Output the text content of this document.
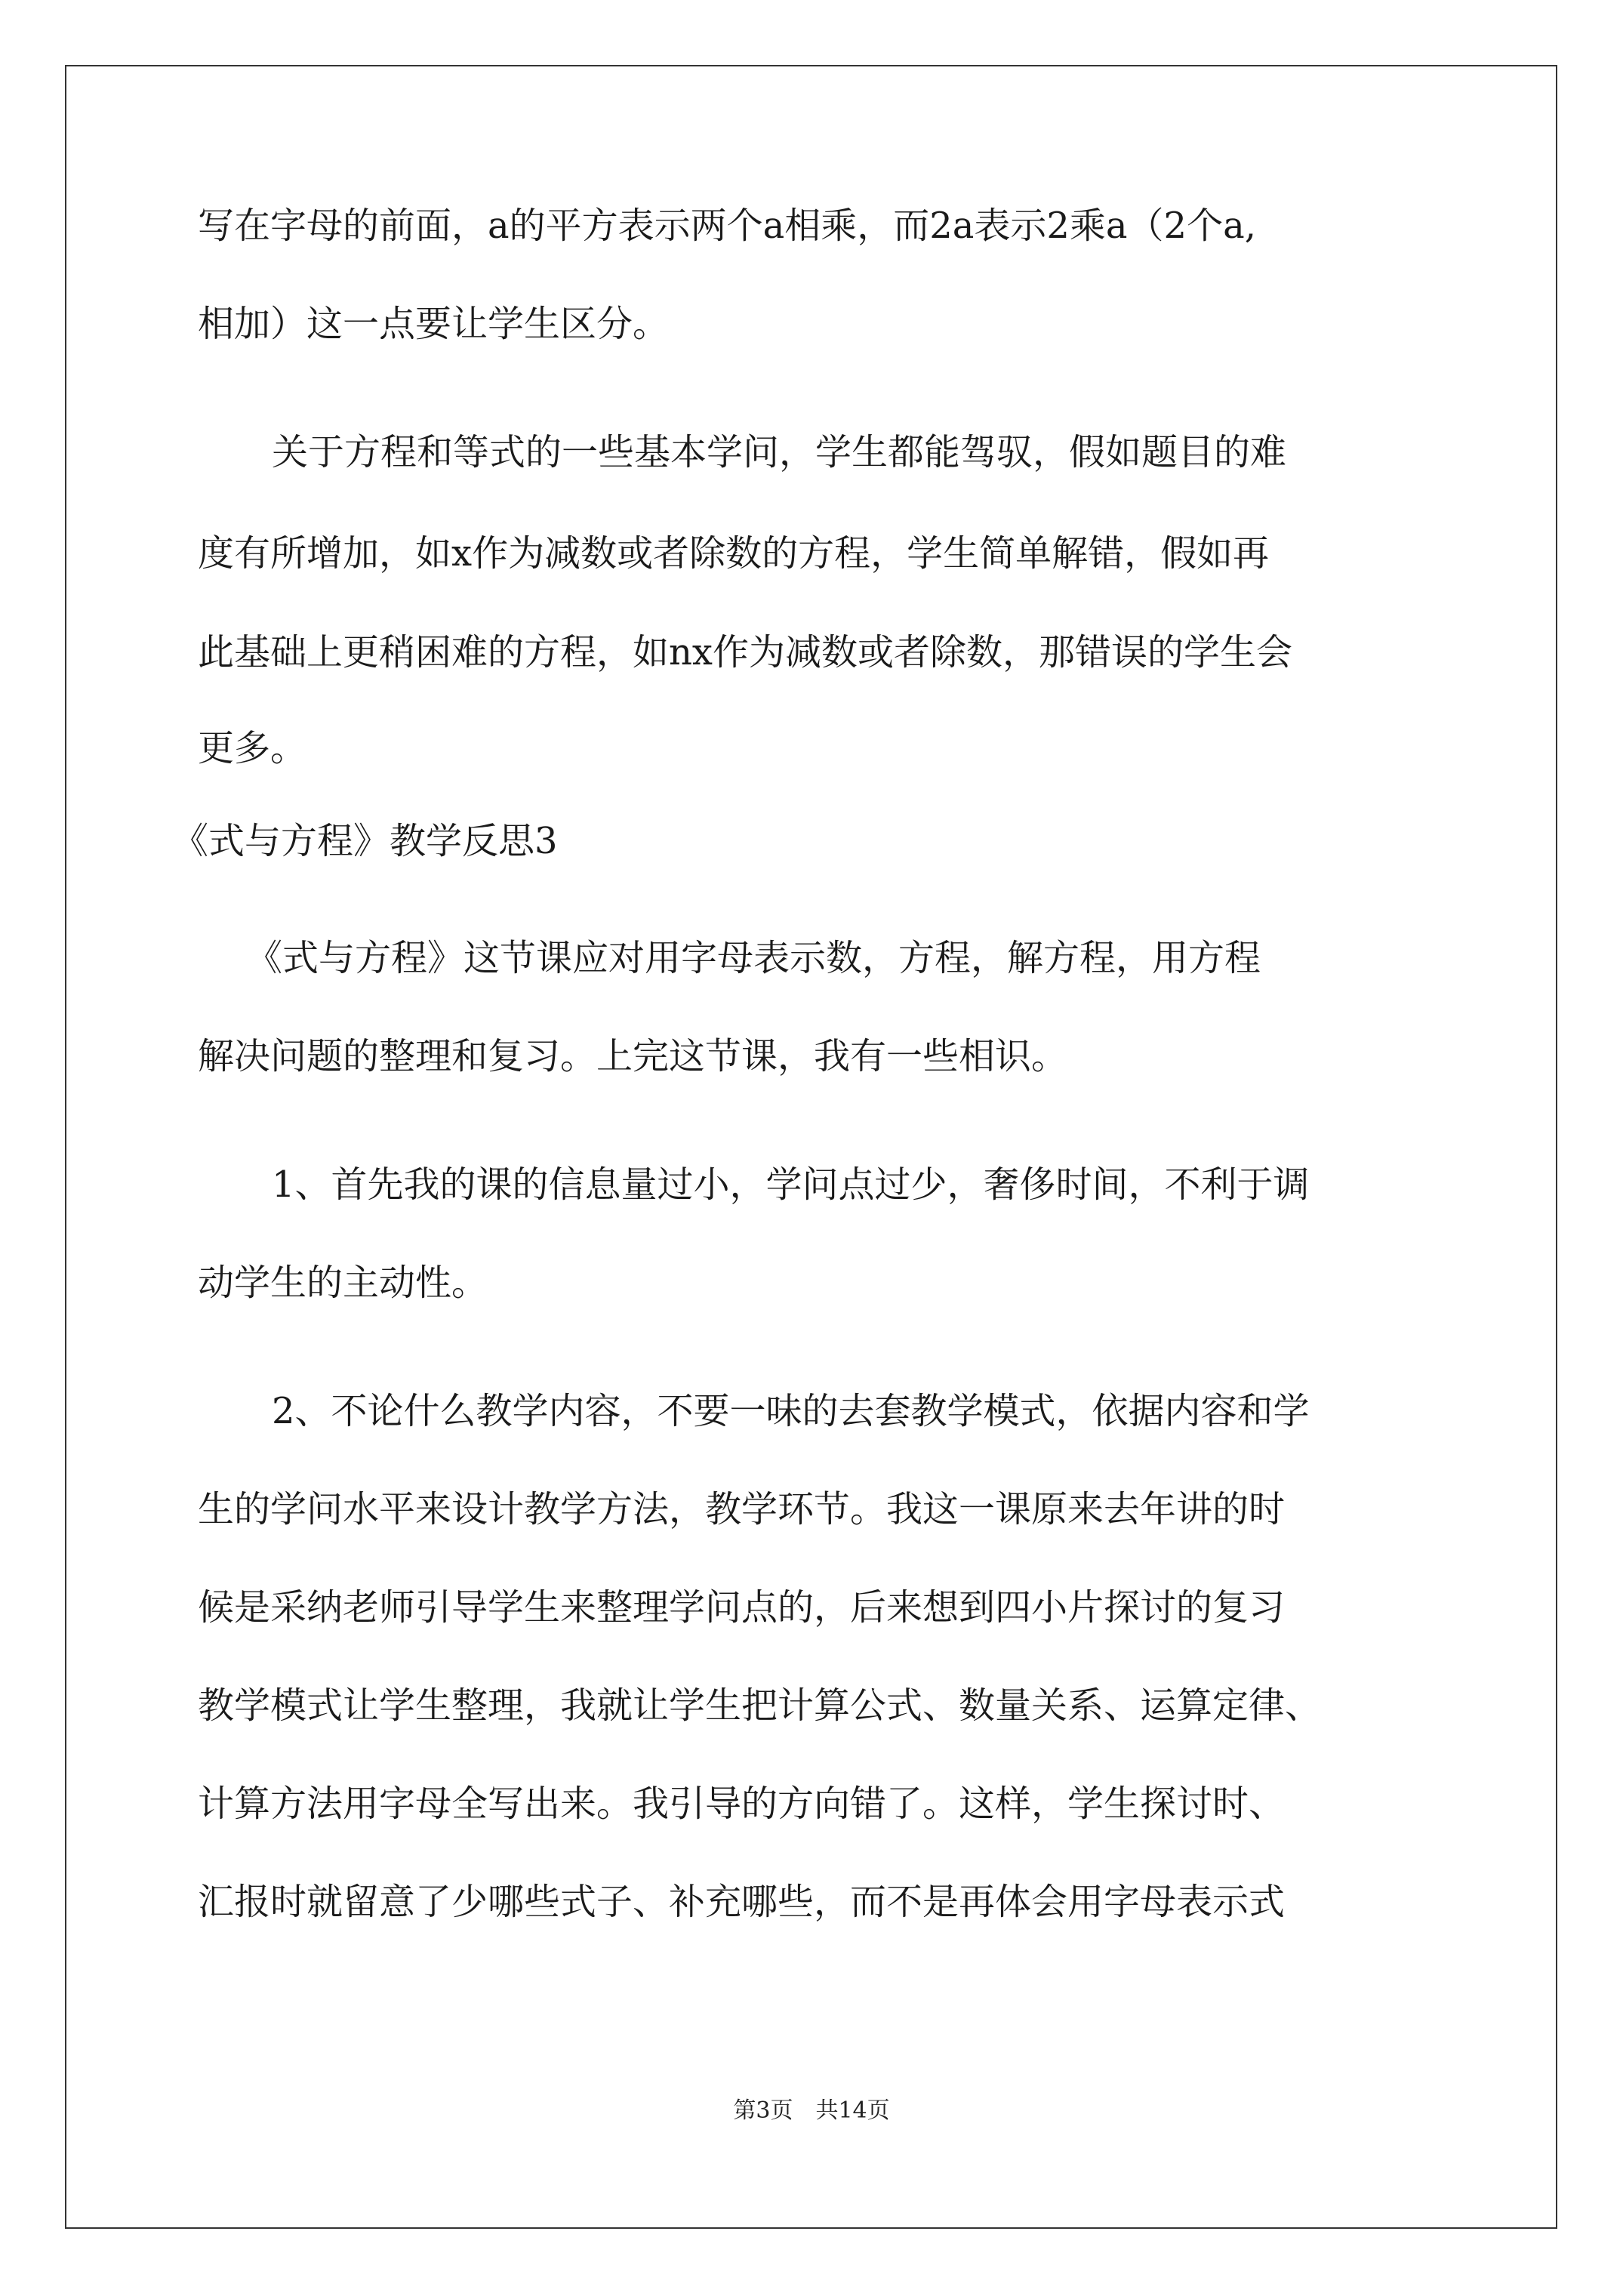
写在字母的前面，a的平方表示两个a相乘，而2a表示2乘a（2个a,
相加）这一点要让学生区分。
关于方程和等式的一些基本学问，学生都能驾驭，假如题目的难
度有所增加，如x作为减数或者除数的方程，学生简单解错，假如再
此基础上更稍困难的方程，如nx作为减数或者除数，那错误的学生会
更多。
《式与方程》教学反思3
《式与方程》这节课应对用字母表示数，方程，解方程，用方程
解决问题的整理和复习。上完这节课，我有一些相识。
1、首先我的课的信息量过小，学问点过少，奢侈时间，不利于调
动学生的主动性。
2、不论什么教学内容，不要一味的去套教学模式，依据内容和学
生的学问水平来设计教学方法，教学环节。我这一课原来去年讲的时
候是采纳老师引导学生来整理学问点的，后来想到四小片探讨的复习
教学模式让学生整理，我就让学生把计算公式、数量关系、运算定律、
计算方法用字母全写出来。我引导的方向错了。这样，学生探讨时、
汇报时就留意了少哪些式子、补充哪些，而不是再体会用字母表示式
第3页　共14页
